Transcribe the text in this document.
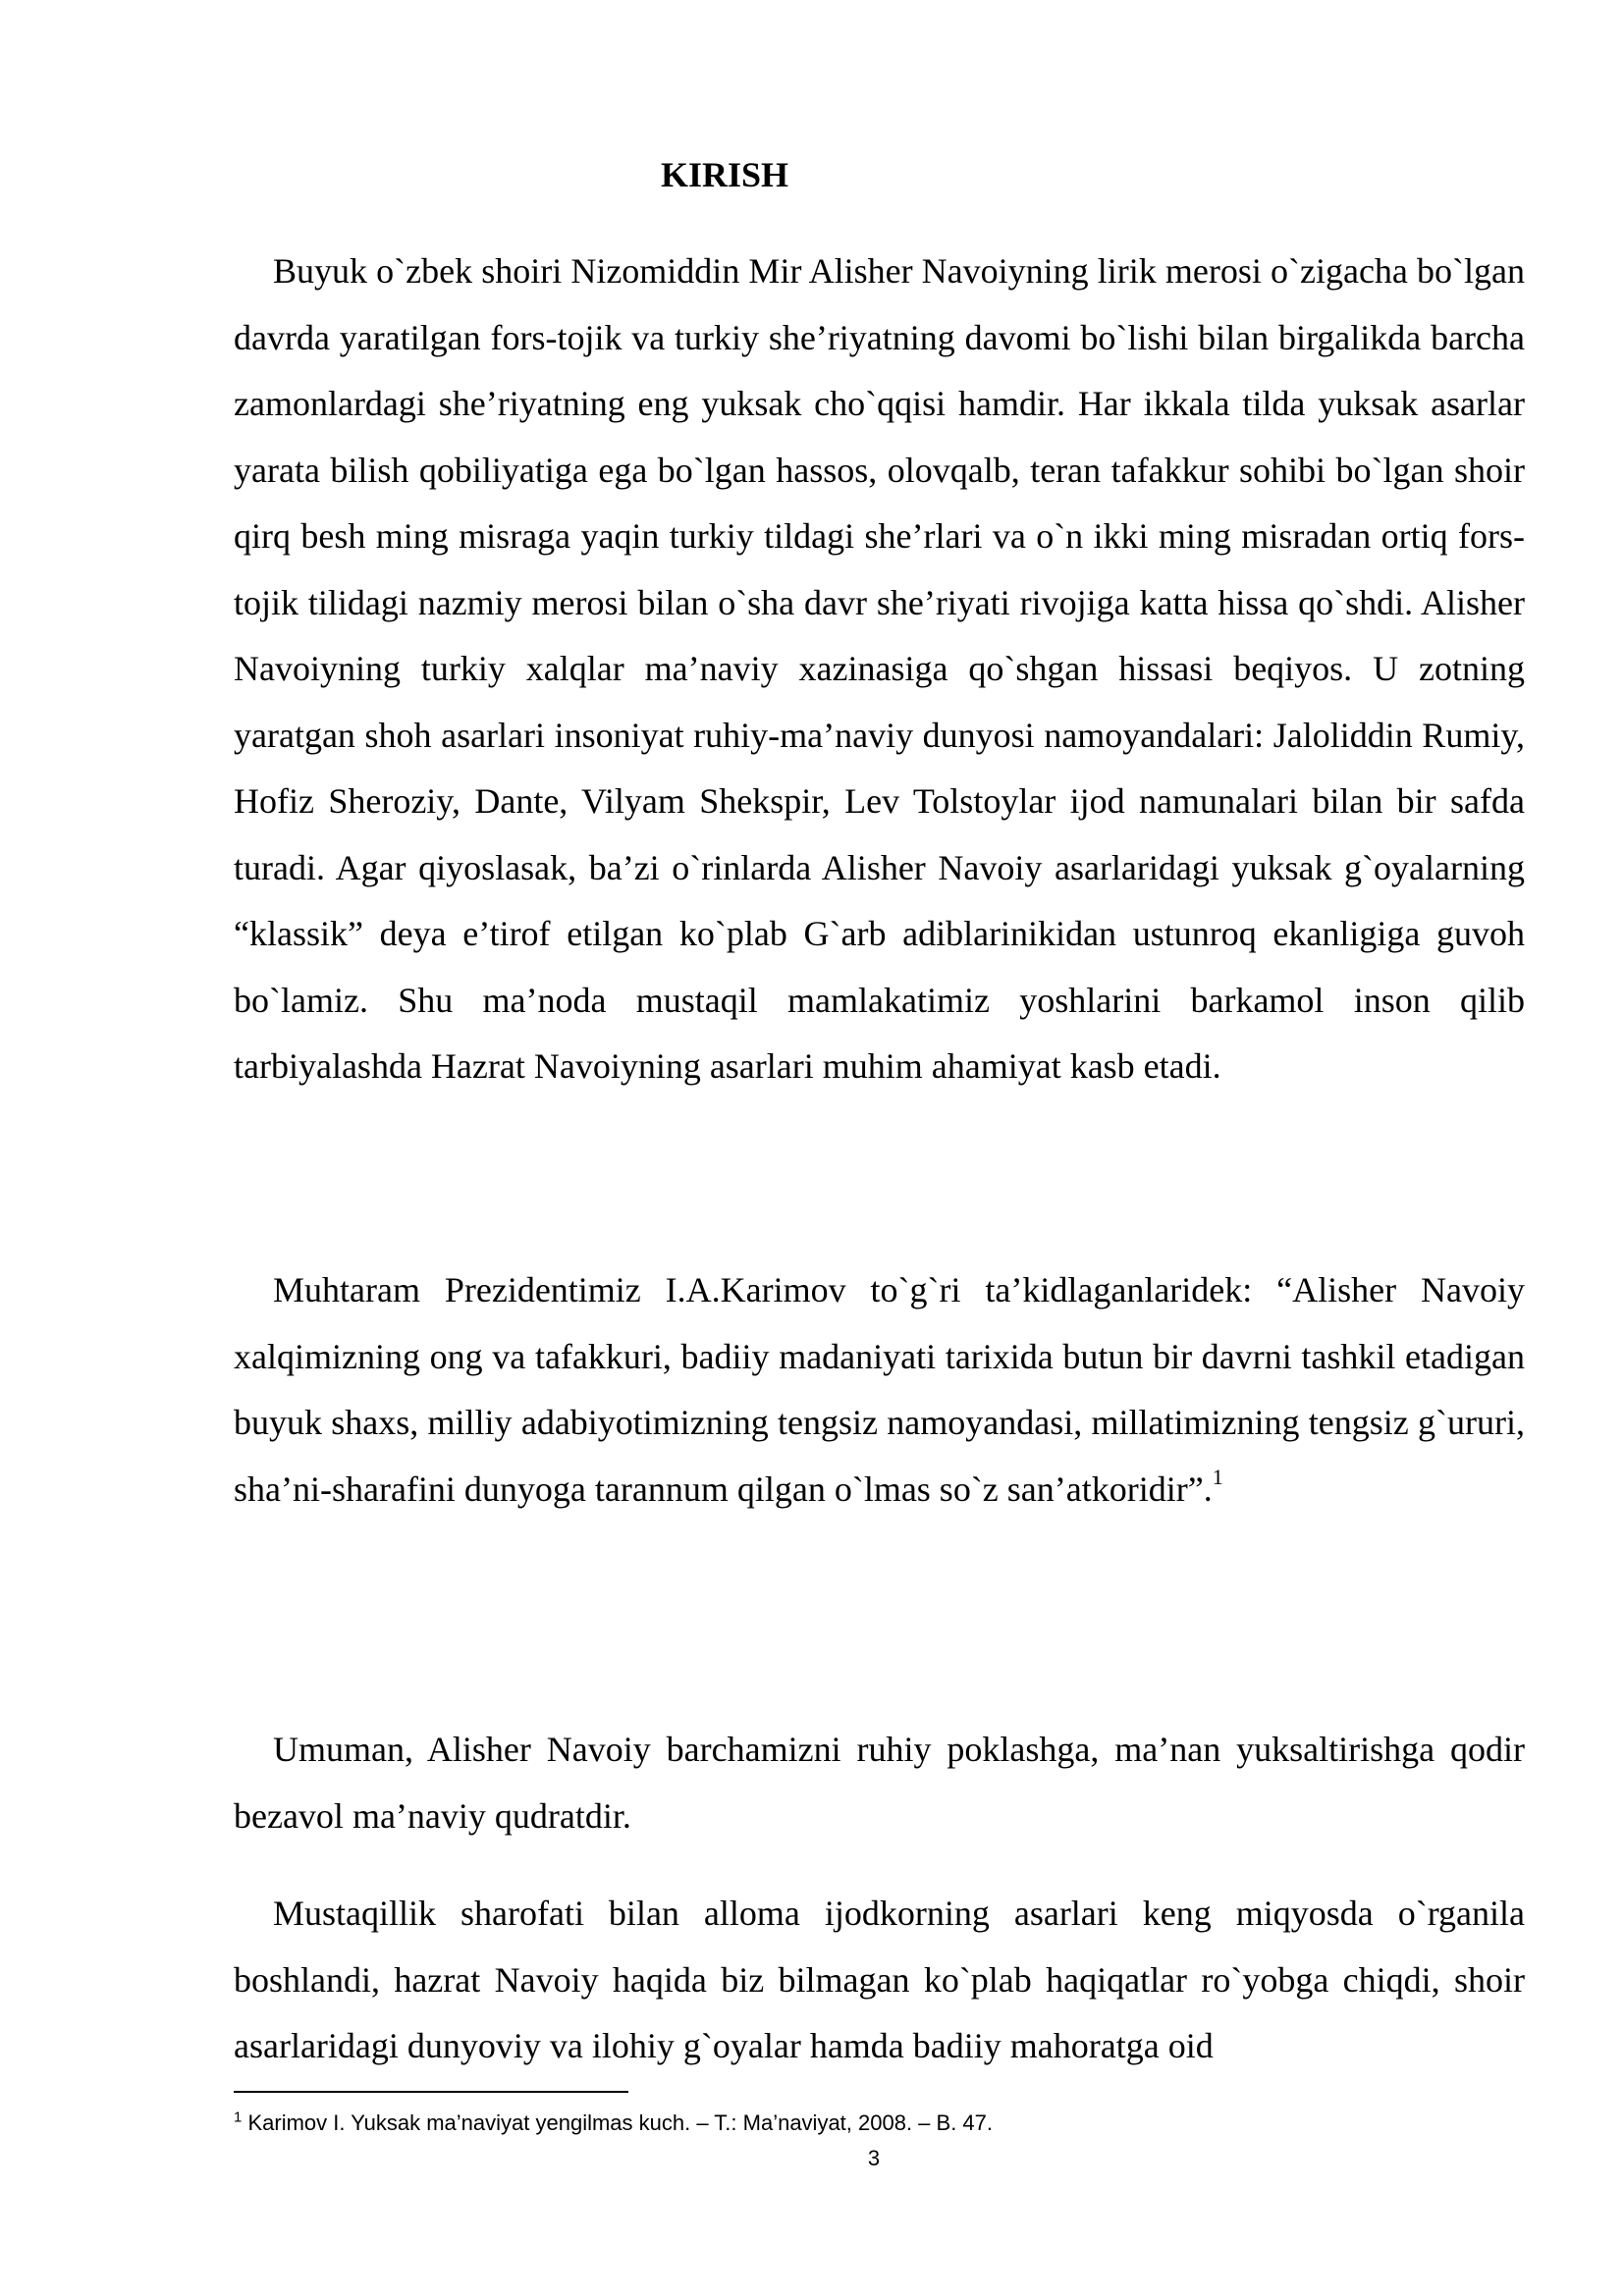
KIRISH

Buyuk o`zbek shoiri Nizomiddin Mir Alisher Navoiyning lirik merosi o`zigacha bo`lgan davrda yaratilgan fors-tojik va turkiy she’riyatning davomi bo`lishi bilan birgalikda barcha zamonlardagi she’riyatning eng yuksak cho`qqisi hamdir. Har ikkala tilda yuksak asarlar yarata bilish qobiliyatiga ega bo`lgan hassos, olovqalb, teran tafakkur sohibi bo`lgan shoir qirq besh ming misraga yaqin turkiy tildagi she’rlari va o`n ikki ming misradan ortiq fors-tojik tilidagi nazmiy merosi bilan o`sha davr she’riyati rivojiga katta hissa qo`shdi. Alisher Navoiyning turkiy xalqlar ma’naviy xazinasiga qo`shgan hissasi beqiyos. U zotning yaratgan shoh asarlari insoniyat ruhiy-ma’naviy dunyosi namoyandalari: Jaloliddin Rumiy, Hofiz Sheroziy, Dante, Vilyam Shekspir, Lev Tolstoylar ijod namunalari bilan bir safda turadi. Agar qiyoslasak, ba’zi o`rinlarda Alisher Navoiy asarlaridagi yuksak g`oyalarning “klassik” deya e’tirof etilgan ko`plab G`arb adiblarinikidan ustunroq ekanligiga guvoh bo`lamiz. Shu ma’noda mustaqil mamlakatimiz yoshlarini barkamol inson qilib tarbiyalashda Hazrat Navoiyning asarlari muhim ahamiyat kasb etadi.

Muhtaram Prezidentimiz I.A.Karimov to`g`ri ta’kidlaganlaridek: “Alisher Navoiy xalqimizning ong va tafakkuri, badiiy madaniyati tarixida butun bir davrni tashkil etadigan buyuk shaxs, milliy adabiyotimizning tengsiz namoyandasi, millatimizning tengsiz g`ururi, sha’ni-sharafini dunyoga tarannum qilgan o`lmas so`z san’atkoridir”.$^1$

Umuman, Alisher Navoiy barchamizni ruhiy poklashga, ma’nan yuksaltirishga qodir bezavol ma’naviy qudratdir.

Mustaqillik sharofati bilan alloma ijodkorning asarlari keng miqyosda o`rganila boshlandi, hazrat Navoiy haqida biz bilmagan ko`plab haqiqatlar ro`yobga chiqdi, shoir asarlaridagi dunyoviy va ilohiy g`oyalar hamda badiiy mahoratga oid

$^1$ Karimov I. Yuksak ma’naviyat yengilmas kuch. – T.: Ma’naviyat, 2008. – B. 47.
3
